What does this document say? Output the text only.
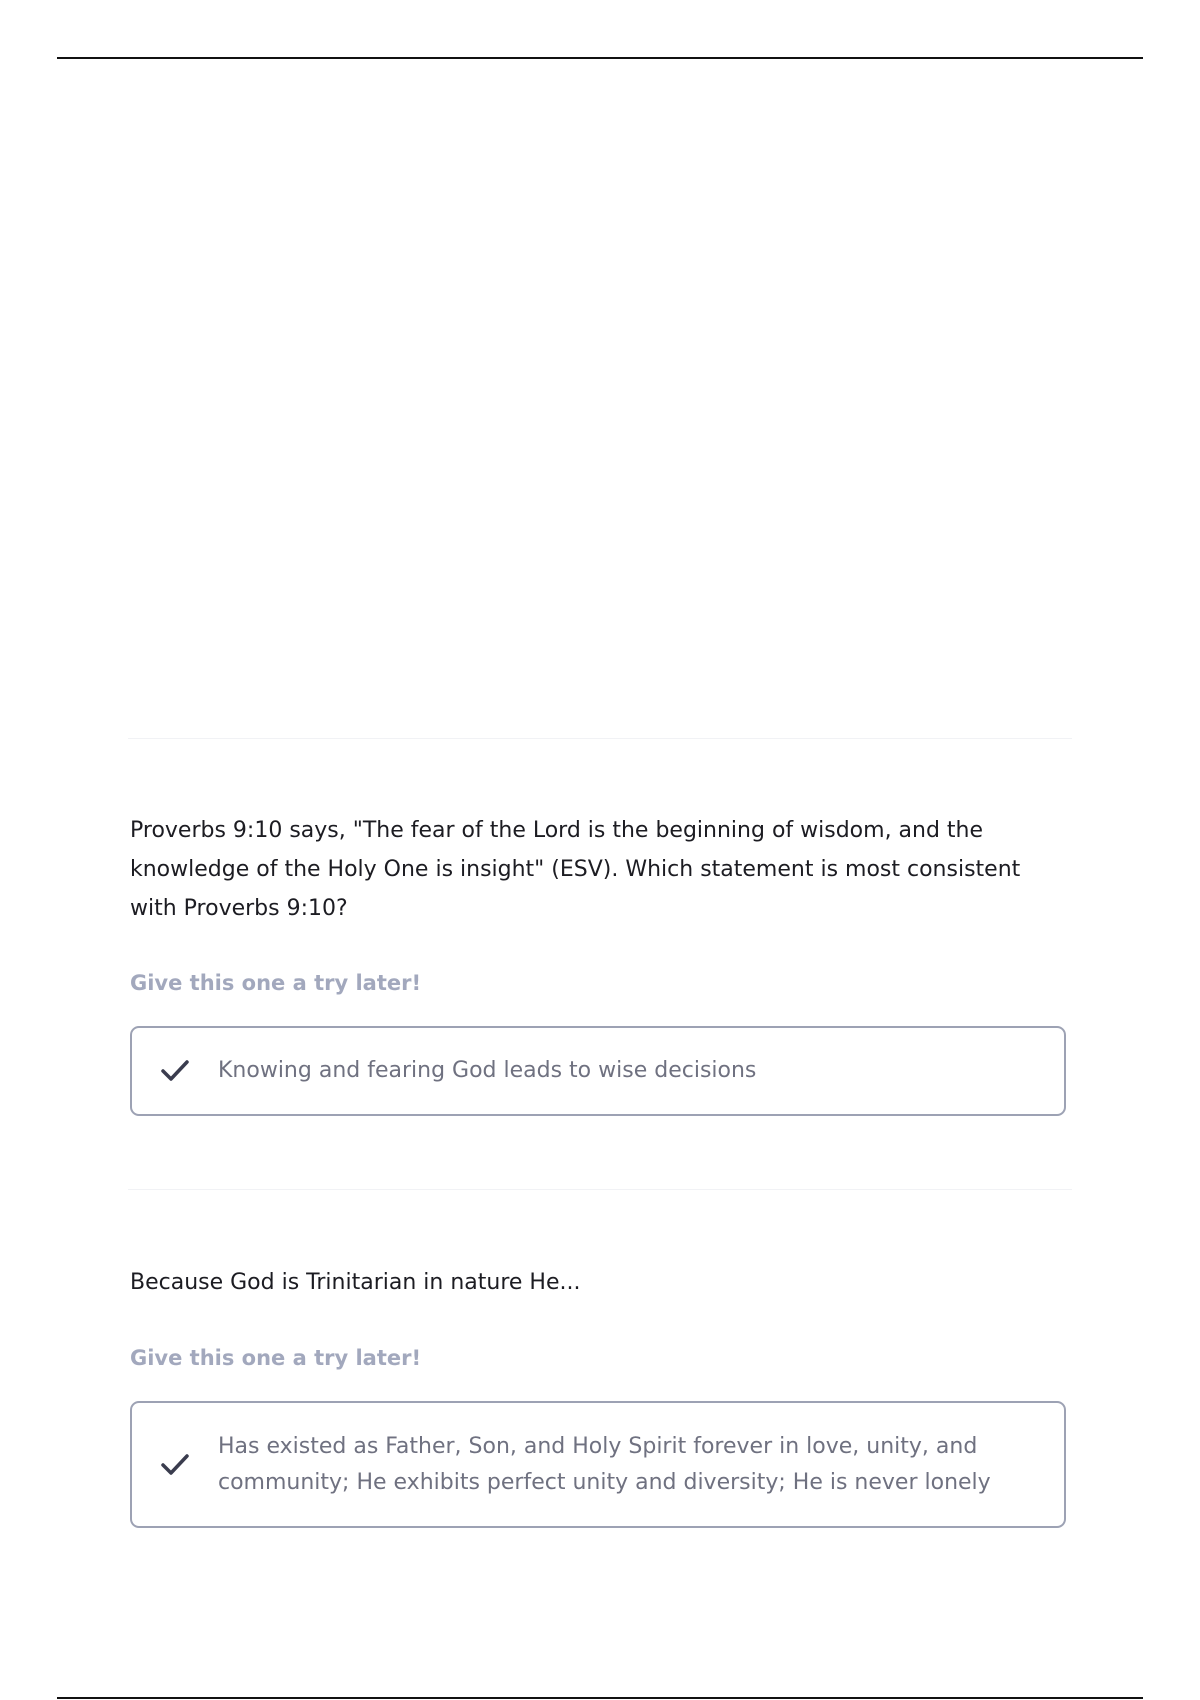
Proverbs 9:10 says, "The fear of the Lord is the beginning of wisdom, and the knowledge of the Holy One is insight" (ESV). Which statement is most consistent with Proverbs 9:10?

Give this one a try later!

Knowing and fearing God leads to wise decisions

Because God is Trinitarian in nature He...

Give this one a try later!

Has existed as Father, Son, and Holy Spirit forever in love, unity, and community; He exhibits perfect unity and diversity; He is never lonely
